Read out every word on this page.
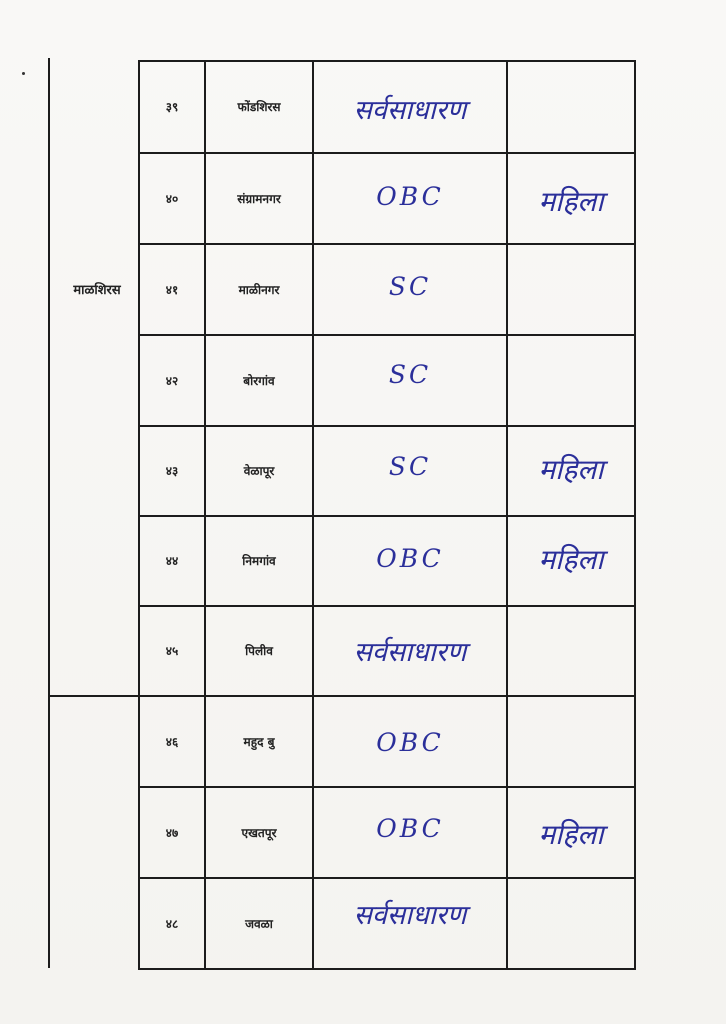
माळशिरस
३९	फोंडशिरस	सर्वसाधारण
४०	संग्रामनगर	OBC	महिला
४१	माळीनगर	SC
४२	बोरगांव	SC
४३	वेळापूर	SC	महिला
४४	निमगांव	OBC	महिला
४५	पिलीव	सर्वसाधारण
४६	महुद बु	OBC
४७	एखतपूर	OBC	महिला
४८	जवळा	सर्वसाधारण
